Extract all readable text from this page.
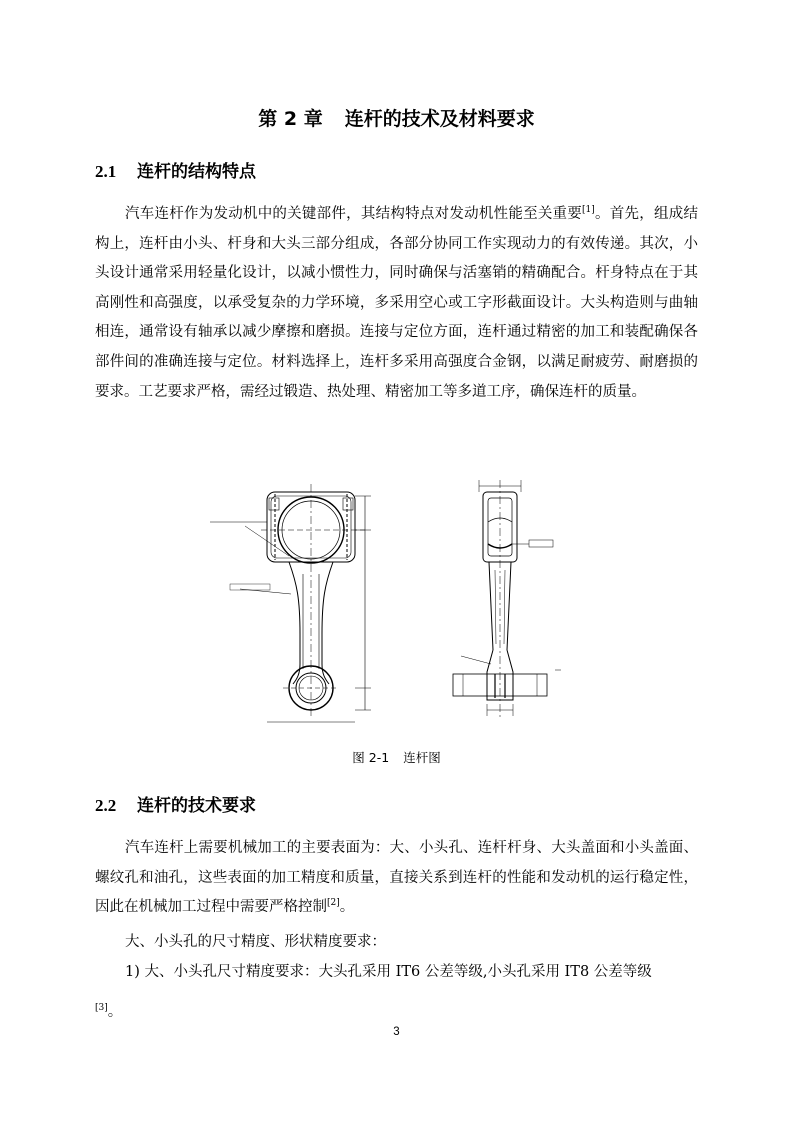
第 2 章 连杆的技术及材料要求
2.1 连杆的结构特点

汽车连杆作为发动机中的关键部件，其结构特点对发动机性能至关重要[1]。首先，组成结构上，连杆由小头、杆身和大头三部分组成，各部分协同工作实现动力的有效传递。其次，小头设计通常采用轻量化设计，以减小惯性力，同时确保与活塞销的精确配合。杆身特点在于其高刚性和高强度，以承受复杂的力学环境，多采用空心或工字形截面设计。大头构造则与曲轴相连，通常设有轴承以减少摩擦和磨损。连接与定位方面，连杆通过精密的加工和装配确保各部件间的准确连接与定位。材料选择上，连杆多采用高强度合金钢，以满足耐疲劳、耐磨损的要求。工艺要求严格，需经过锻造、热处理、精密加工等多道工序，确保连杆的质量。

图 2-1 连杆图
2.2 连杆的技术要求

汽车连杆上需要机械加工的主要表面为：大、小头孔、连杆杆身、大头盖面和小头盖面、螺纹孔和油孔，这些表面的加工精度和质量，直接关系到连杆的性能和发动机的运行稳定性，因此在机械加工过程中需要严格控制[2]。

大、小头孔的尺寸精度、形状精度要求：

1) 大、小头孔尺寸精度要求：大头孔采用 IT6 公差等级,小头孔采用 IT8 公差等级

[3]。
3
